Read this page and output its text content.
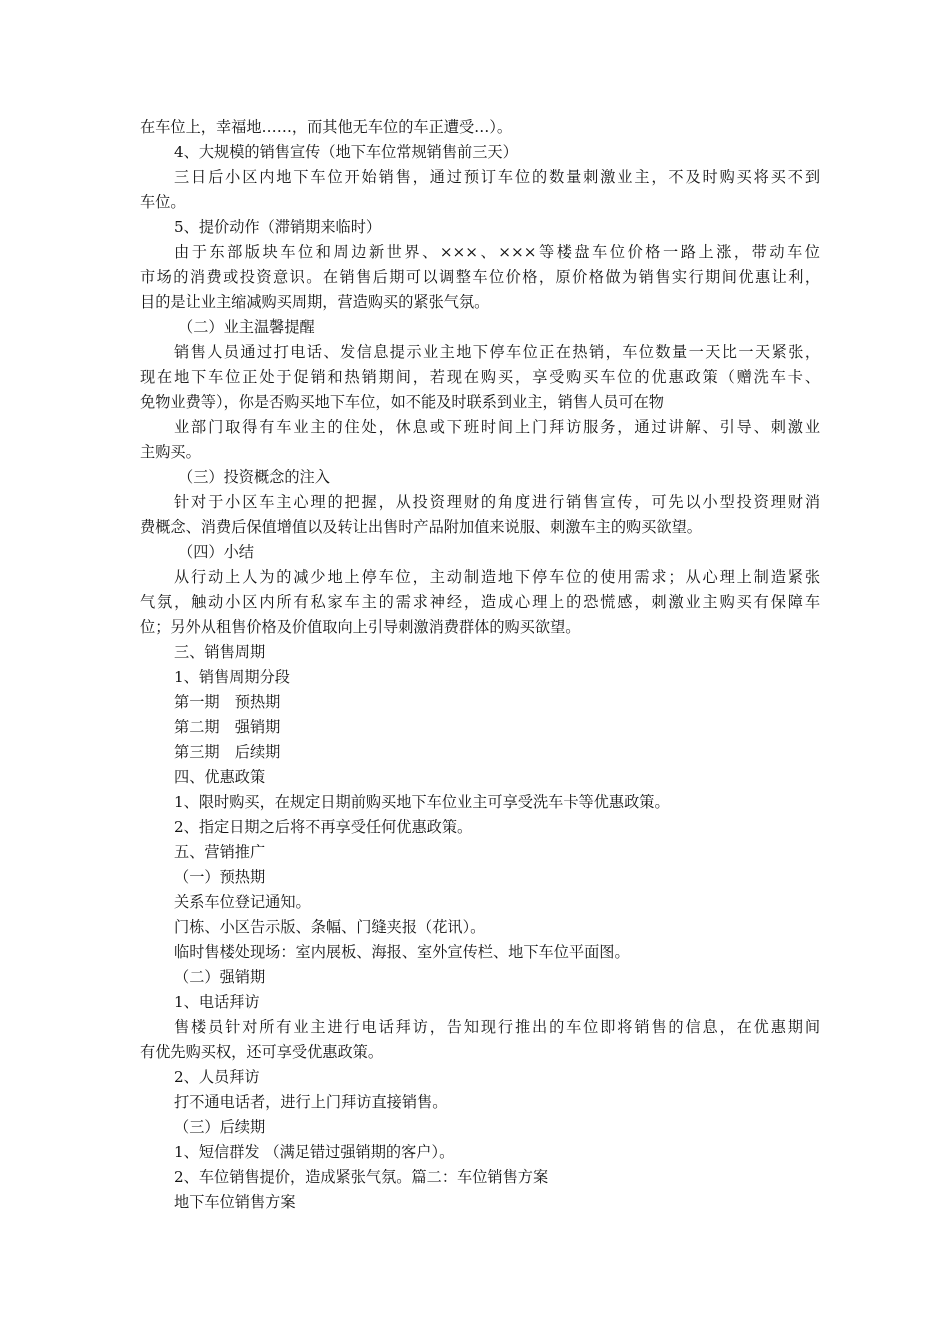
在车位上，幸福地……，而其他无车位的车正遭受…）。
4、大规模的销售宣传（地下车位常规销售前三天）
三日后小区内地下车位开始销售，通过预订车位的数量刺激业主，不及时购买将买不到
车位。
5、提价动作（滞销期来临时）
由于东部版块车位和周边新世界、×××、×××等楼盘车位价格一路上涨，带动车位
市场的消费或投资意识。在销售后期可以调整车位价格，原价格做为销售实行期间优惠让利，
目的是让业主缩减购买周期，营造购买的紧张气氛。
（二）业主温馨提醒
销售人员通过打电话、发信息提示业主地下停车位正在热销，车位数量一天比一天紧张，
现在地下车位正处于促销和热销期间，若现在购买，享受购买车位的优惠政策（赠洗车卡、
免物业费等），你是否购买地下车位，如不能及时联系到业主，销售人员可在物
业部门取得有车业主的住处，休息或下班时间上门拜访服务，通过讲解、引导、刺激业
主购买。
（三）投资概念的注入
针对于小区车主心理的把握，从投资理财的角度进行销售宣传，可先以小型投资理财消
费概念、消费后保值增值以及转让出售时产品附加值来说服、刺激车主的购买欲望。
（四）小结
从行动上人为的减少地上停车位，主动制造地下停车位的使用需求；从心理上制造紧张
气氛，触动小区内所有私家车主的需求神经，造成心理上的恐慌感，刺激业主购买有保障车
位；另外从租售价格及价值取向上引导刺激消费群体的购买欲望。
三、销售周期
1、销售周期分段
第一期　预热期
第二期　强销期
第三期　后续期
四、优惠政策
1、限时购买，在规定日期前购买地下车位业主可享受洗车卡等优惠政策。
2、指定日期之后将不再享受任何优惠政策。
五、营销推广
（一）预热期
关系车位登记通知。
门栋、小区告示版、条幅、门缝夹报（花讯）。
临时售楼处现场：室内展板、海报、室外宣传栏、地下车位平面图。
（二）强销期
1、电话拜访
售楼员针对所有业主进行电话拜访，告知现行推出的车位即将销售的信息，在优惠期间
有优先购买权，还可享受优惠政策。
2、人员拜访
打不通电话者，进行上门拜访直接销售。
（三）后续期
1、短信群发 （满足错过强销期的客户）。
2、车位销售提价，造成紧张气氛。篇二：车位销售方案
地下车位销售方案
